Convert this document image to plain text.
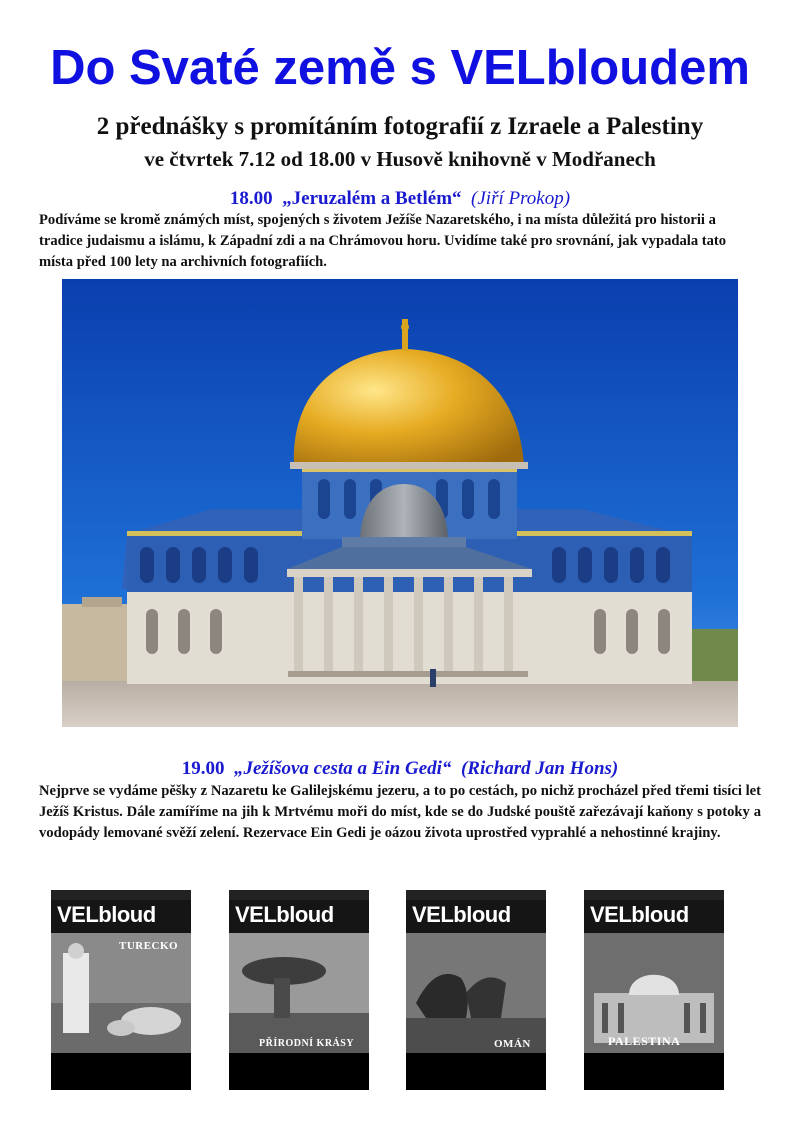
Do Svaté země s VELbloudem
2 přednášky s promítáním fotografií z Izraele a Palestiny
ve čtvrtek 7.12 od 18.00 v Husově knihovně v Modřanech
18.00 „Jeruzalém a Betlém“ (Jiří Prokop)
Podíváme se kromě známých míst, spojených s životem Ježíše Nazaretského, i na místa důležitá pro historii a tradice judaismu a islámu, k Západní zdi a na Chrámovou horu. Uvidíme také pro srovnání, jak vypadala tato místa před 100 lety na archivních fotografiích.
19.00 „Ježíšova cesta a Ein Gedi“ (Richard Jan Hons)
Nejprve se vydáme pěšky z Nazaretu ke Galilejskému jezeru, a to po cestách, po nichž procházel před třemi tisíci let Ježíš Kristus. Dále zamíříme na jih k Mrtvému moři do míst, kde se do Judské pouště zařezávají kaňony s potoky a vodopády lemované svěží zelení. Rezervace Ein Gedi je oázou života uprostřed vyprahlé a nehostinné krajiny.
VELbloud
TURECKO
VELbloud
PŘÍRODNÍ KRÁSY
VELbloud
OMÁN
VELbloud
PALESTINA
